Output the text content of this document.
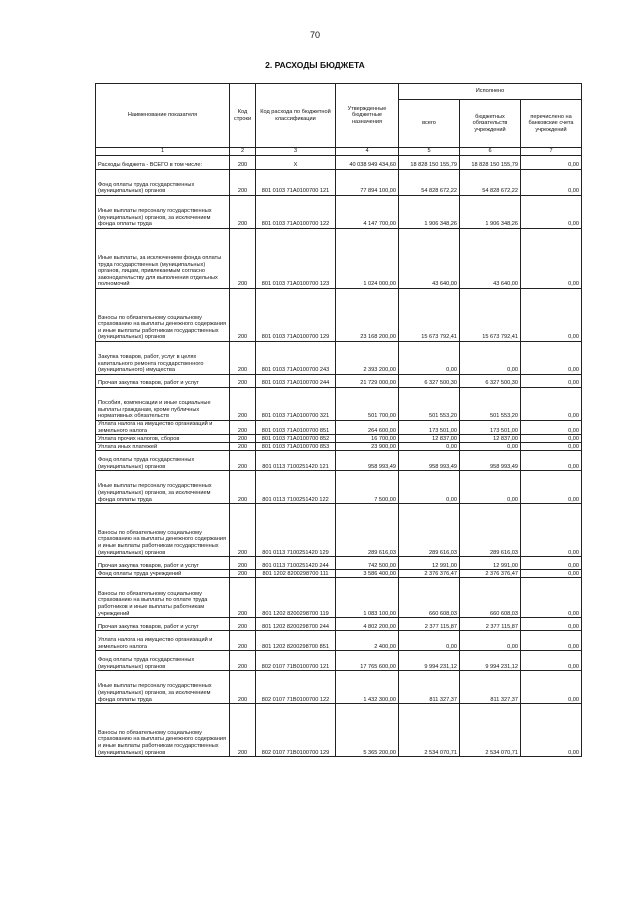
70
2. РАСХОДЫ БЮДЖЕТА
Наименование показателя	Код строки	Код расхода по бюджетной классификации	Утвержденные бюджетные назначения	Исполнено		
				всего	бюджетных обязательств учреждений	перечислено на банковские счета учреждений
1	2	3	4	5	6	7
Расходы бюджета - ВСЕГО в том числе:	200	X	40 038 949 434,60	18 828 150 155,79	18 828 150 155,79	0,00
Фонд оплаты труда государственных (муниципальных) органов	200	801 0103 71А0100700 121	77 894 100,00	54 828 672,22	54 828 672,22	0,00
Иные выплаты персоналу государственных (муниципальных) органов, за исключением фонда оплаты труда	200	801 0103 71А0100700 122	4 147 700,00	1 906 348,26	1 906 348,26	0,00
Иные выплаты, за исключением фонда оплаты труда государственных (муниципальных) органов, лицам, привлекаемым согласно законодательству для выполнения отдельных полномочий	200	801 0103 71А0100700 123	1 024 000,00	43 640,00	43 640,00	0,00
Взносы по обязательному социальному страхованию на выплаты денежного содержания и иные выплаты работникам государственных (муниципальных) органов	200	801 0103 71А0100700 129	23 168 200,00	15 673 792,41	15 673 792,41	0,00
Закупка товаров, работ, услуг в целях капитального ремонта государственного (муниципального) имущества	200	801 0103 71А0100700 243	2 393 200,00	0,00	0,00	0,00
Прочая закупка товаров, работ и услуг	200	801 0103 71А0100700 244	21 729 000,00	6 327 500,30	6 327 500,30	0,00
Пособия, компенсации и иные социальные выплаты гражданам, кроме публичных нормативных обязательств	200	801 0103 71А0100700 321	501 700,00	501 553,20	501 553,20	0,00
Уплата налога на имущество организаций и земельного налога	200	801 0103 71А0100700 851	264 600,00	173 501,00	173 501,00	0,00
Уплата прочих налогов, сборов	200	801 0103 71А0100700 852	16 700,00	12 837,00	12 837,00	0,00
Уплата иных платежей	200	801 0103 71А0100700 853	23 900,00	0,00	0,00	0,00
Фонд оплаты труда государственных (муниципальных) органов	200	801 0113 7100251420 121	958 993,49	958 993,49	958 993,49	0,00
Иные выплаты персоналу государственных (муниципальных) органов, за исключением фонда оплаты труда	200	801 0113 7100251420 122	7 500,00	0,00	0,00	0,00
Взносы по обязательному социальному страхованию на выплаты денежного содержания и иные выплаты работникам государственных (муниципальных) органов	200	801 0113 7100251420 129	289 616,03	289 616,03	289 616,03	0,00
Прочая закупка товаров, работ и услуг	200	801 0113 7100251420 244	742 500,00	12 991,00	12 991,00	0,00
Фонд оплаты труда учреждений	200	801 1202 8200298700 111	3 586 400,00	2 376 376,47	2 376 376,47	0,00
Взносы по обязательному социальному страхованию на выплаты по оплате труда работников и иные выплаты работникам учреждений	200	801 1202 8200298700 119	1 083 100,00	660 608,03	660 608,03	0,00
Прочая закупка товаров, работ и услуг	200	801 1202 8200298700 244	4 802 200,00	2 377 115,87	2 377 115,87	0,00
Уплата налога на имущество организаций и земельного налога	200	801 1202 8200298700 851	2 400,00	0,00	0,00	0,00
Фонд оплаты труда государственных (муниципальных) органов	200	802 0107 71В0100700 121	17 765 600,00	9 994 231,12	9 994 231,12	0,00
Иные выплаты персоналу государственных (муниципальных) органов, за исключением фонда оплаты труда	200	802 0107 71В0100700 122	1 432 300,00	811 327,37	811 327,37	0,00
Взносы по обязательному социальному страхованию на выплаты денежного содержания и иные выплаты работникам государственных (муниципальных) органов	200	802 0107 71В0100700 129	5 365 200,00	2 534 070,71	2 534 070,71	0,00
